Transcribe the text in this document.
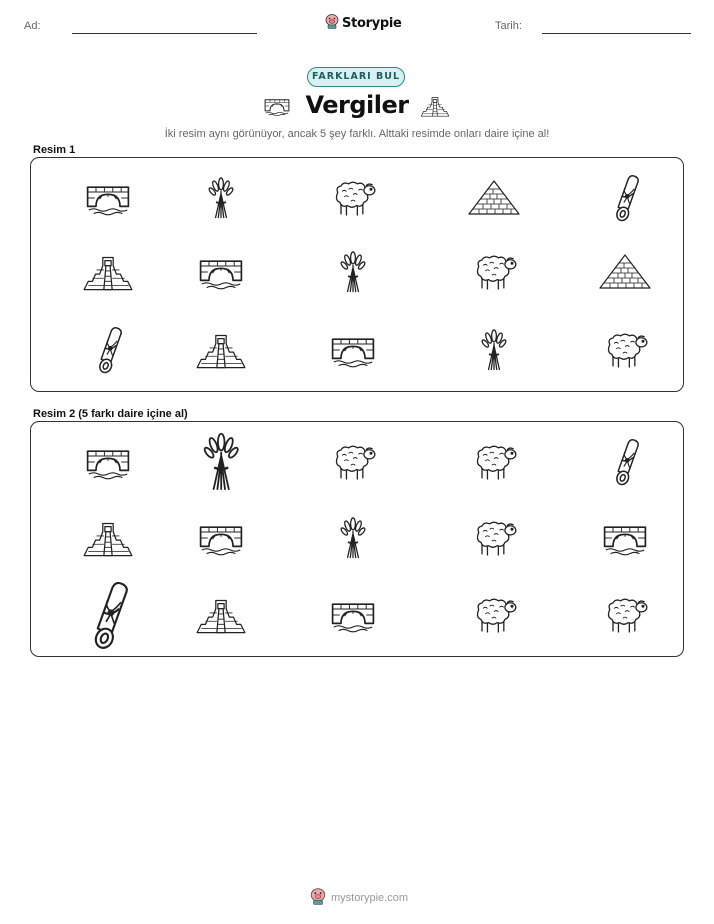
Ad:	Storypie	Tarih:
FARKLARI BUL
Vergiler
İki resim aynı görünüyor, ancak 5 şey farklı. Alttaki resimde onları daire içine al!
Resim 1
Resim 2 (5 farkı daire içine al)
mystorypie.com
